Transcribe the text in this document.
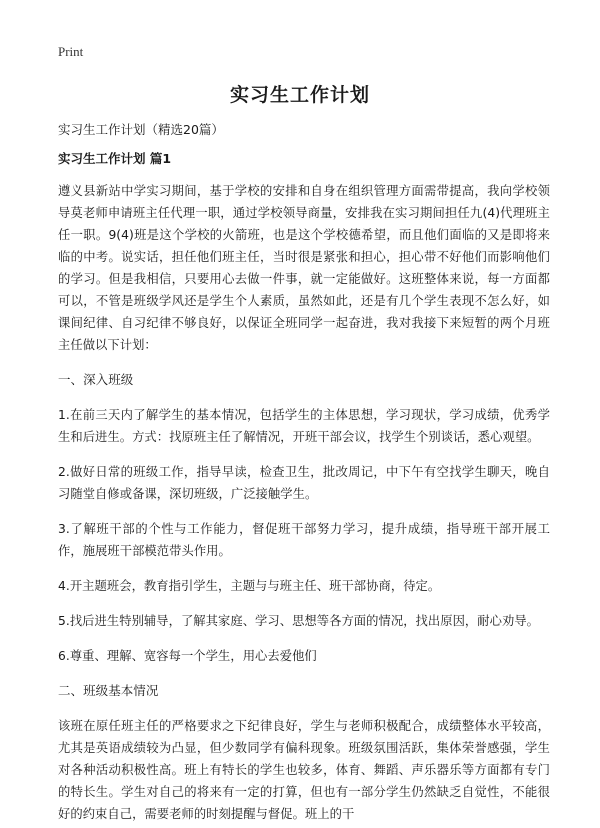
Print
实习生工作计划
实习生工作计划（精选20篇）
实习生工作计划 篇1

遵义县新站中学实习期间，基于学校的安排和自身在组织管理方面需带提高，我向学校领导莫老师申请班主任代理一职，通过学校领导商量，安排我在实习期间担任九(4)代理班主任一职。9(4)班是这个学校的火箭班，也是这个学校德希望，而且他们面临的又是即将来临的中考。说实话，担任他们班主任，当时很是紧张和担心，担心带不好他们而影响他们的学习。但是我相信，只要用心去做一件事，就一定能做好。这班整体来说，每一方面都可以，不管是班级学风还是学生个人素质，虽然如此，还是有几个学生表现不怎么好，如课间纪律、自习纪律不够良好，以保证全班同学一起奋进，我对我接下来短暂的两个月班主任做以下计划：

一、深入班级

1.在前三天内了解学生的基本情况，包括学生的主体思想，学习现状，学习成绩，优秀学生和后进生。方式：找原班主任了解情况，开班干部会议，找学生个别谈话，悉心观望。

2.做好日常的班级工作，指导早读，检查卫生，批改周记，中下午有空找学生聊天，晚自习随堂自修或备课，深切班级，广泛接触学生。

3.了解班干部的个性与工作能力，督促班干部努力学习，提升成绩，指导班干部开展工作，施展班干部模范带头作用。

4.开主题班会，教育指引学生，主题与与班主任、班干部协商，待定。

5.找后进生特别辅导，了解其家庭、学习、思想等各方面的情况，找出原因，耐心劝导。

6.尊重、理解、宽容每一个学生，用心去爱他们

二、班级基本情况

该班在原任班主任的严格要求之下纪律良好，学生与老师积极配合，成绩整体水平较高，尤其是英语成绩较为凸显，但少数同学有偏科现象。班级氛围活跃，集体荣誉感强，学生对各种活动积极性高。班上有特长的学生也较多，体育、舞蹈、声乐器乐等方面都有专门的特长生。学生对自己的将来有一定的打算，但也有一部分学生仍然缺乏自觉性，不能很好的约束自己，需要老师的时刻提醒与督促。班上的干
